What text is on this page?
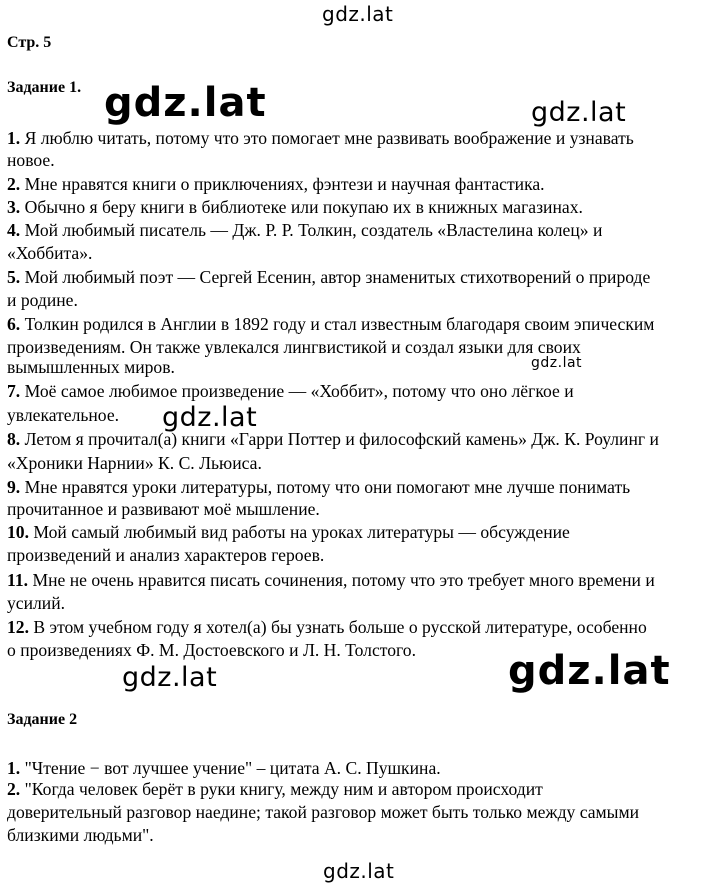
Стр. 5
Задание 1.
1. Я люблю читать, потому что это помогает мне развивать воображение и узнавать
новое.
2. Мне нравятся книги о приключениях, фэнтези и научная фантастика.
3. Обычно я беру книги в библиотеке или покупаю их в книжных магазинах.
4. Мой любимый писатель — Дж. Р. Р. Толкин, создатель «Властелина колец» и
«Хоббита».
5. Мой любимый поэт — Сергей Есенин, автор знаменитых стихотворений о природе
и родине.
6. Толкин родился в Англии в 1892 году и стал известным благодаря своим эпическим
произведениям. Он также увлекался лингвистикой и создал языки для своих
вымышленных миров.
7. Моё самое любимое произведение — «Хоббит», потому что оно лёгкое и
увлекательное.
8. Летом я прочитал(а) книги «Гарри Поттер и философский камень» Дж. К. Роулинг и
«Хроники Нарнии» К. С. Льюиса.
9. Мне нравятся уроки литературы, потому что они помогают мне лучше понимать
прочитанное и развивают моё мышление.
10. Мой самый любимый вид работы на уроках литературы — обсуждение
произведений и анализ характеров героев.
11. Мне не очень нравится писать сочинения, потому что это требует много времени и
усилий.
12. В этом учебном году я хотел(а) бы узнать больше о русской литературе, особенно
о произведениях Ф. М. Достоевского и Л. Н. Толстого.
Задание 2
1. "Чтение − вот лучшее учение" – цитата А. С. Пушкина.
2. "Когда человек берёт в руки книгу, между ним и автором происходит
доверительный разговор наедине; такой разговор может быть только между самыми
близкими людьми".
gdz.lat
gdz.lat	gdz.lat
gdz.lat
gdz.lat
gdz.lat	gdz.lat
gdz.lat
